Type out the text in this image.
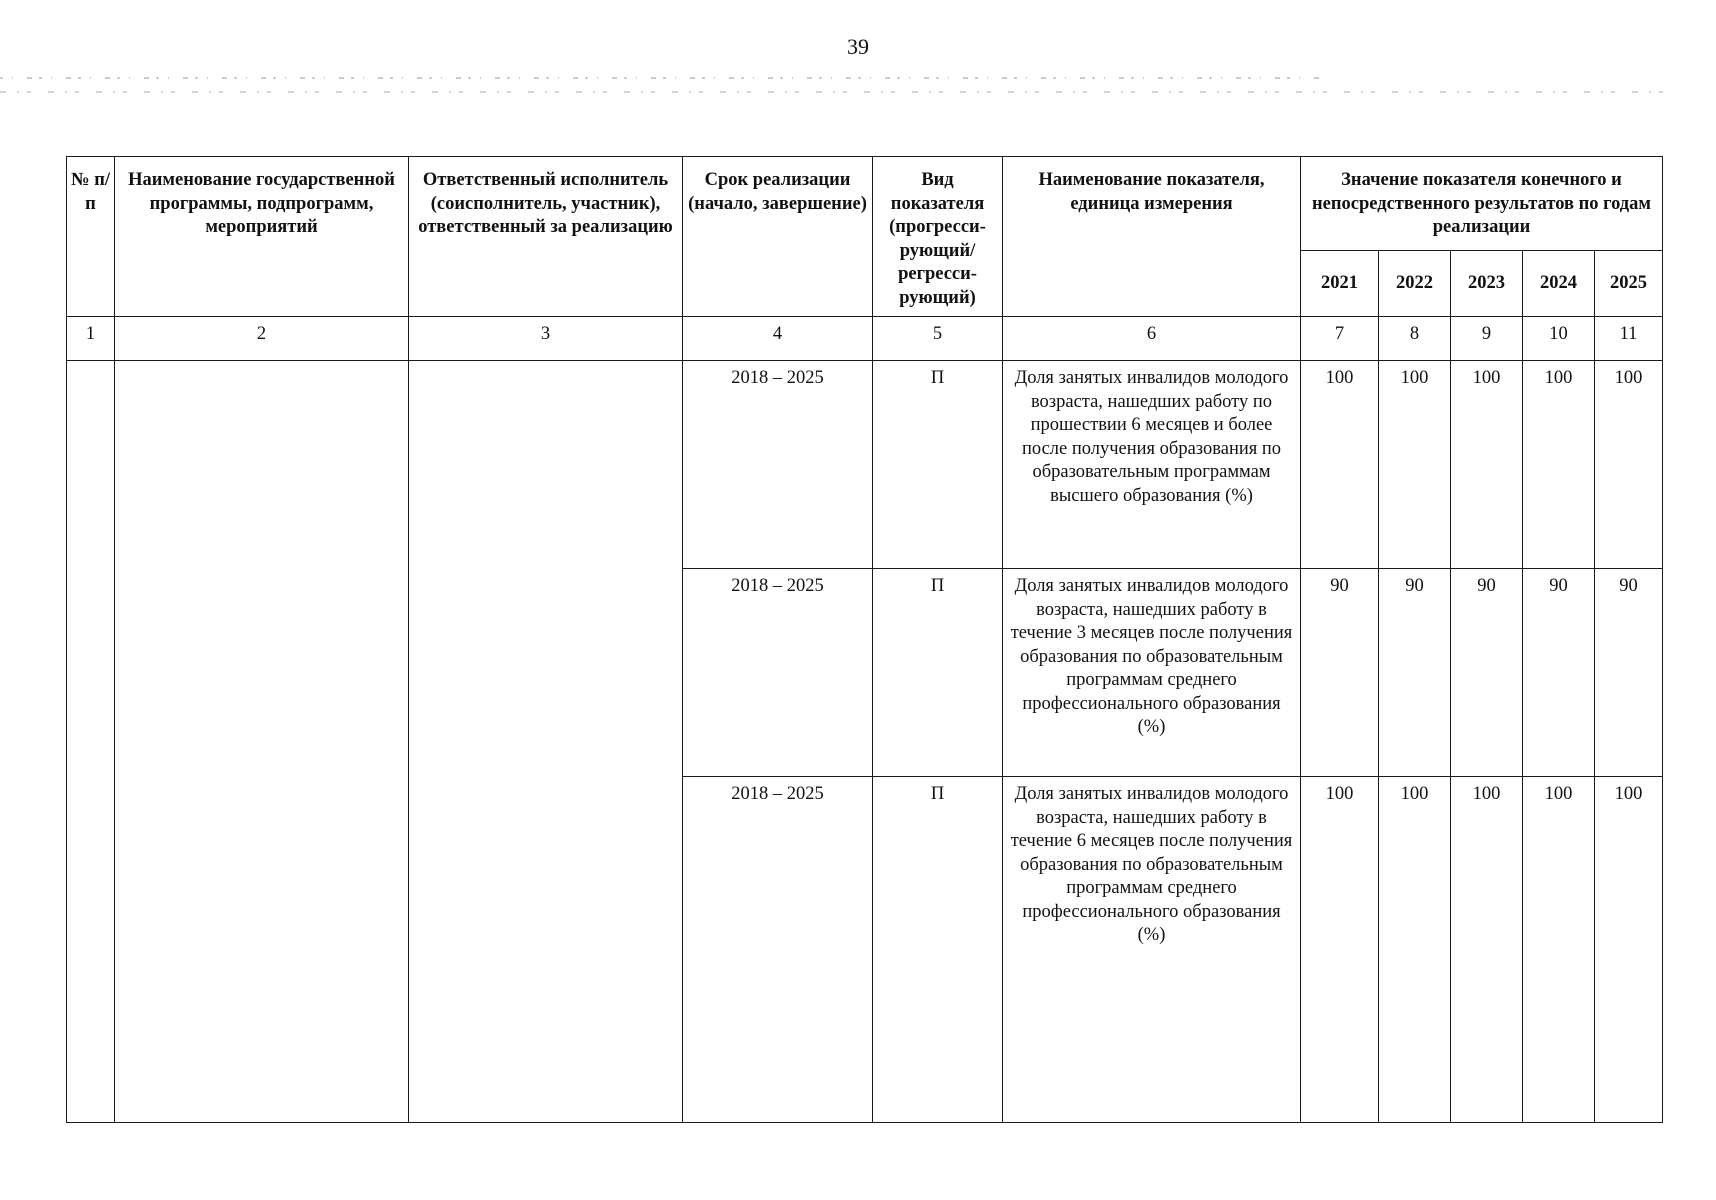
39
№ п/п	Наименование государственной программы, подпрограмм, мероприятий	Ответственный исполнитель (соисполнитель, участник), ответственный за реализацию	Срок реализации (начало, завершение)	Вид показателя (прогресси-рующий/ регресси-рующий)	Наименование показателя, единица измерения	Значение показателя конечного и непосредственного результатов по годам реализации				
						2021	2022	2023	2024	2025
1	2	3	4	5	6	7	8	9	10	11
			2018 – 2025	П	Доля занятых инвалидов молодого возраста, нашедших работу по прошествии 6 месяцев и более после получения образования по образовательным программам высшего образования (%)	100	100	100	100	100
			2018 – 2025	П	Доля занятых инвалидов молодого возраста, нашедших работу в течение 3 месяцев после получения образования по образовательным программам среднего профессионального образования (%)	90	90	90	90	90
			2018 – 2025	П	Доля занятых инвалидов молодого возраста, нашедших работу в течение 6 месяцев после получения образования по образовательным программам среднего профессионального образования (%)	100	100	100	100	100
